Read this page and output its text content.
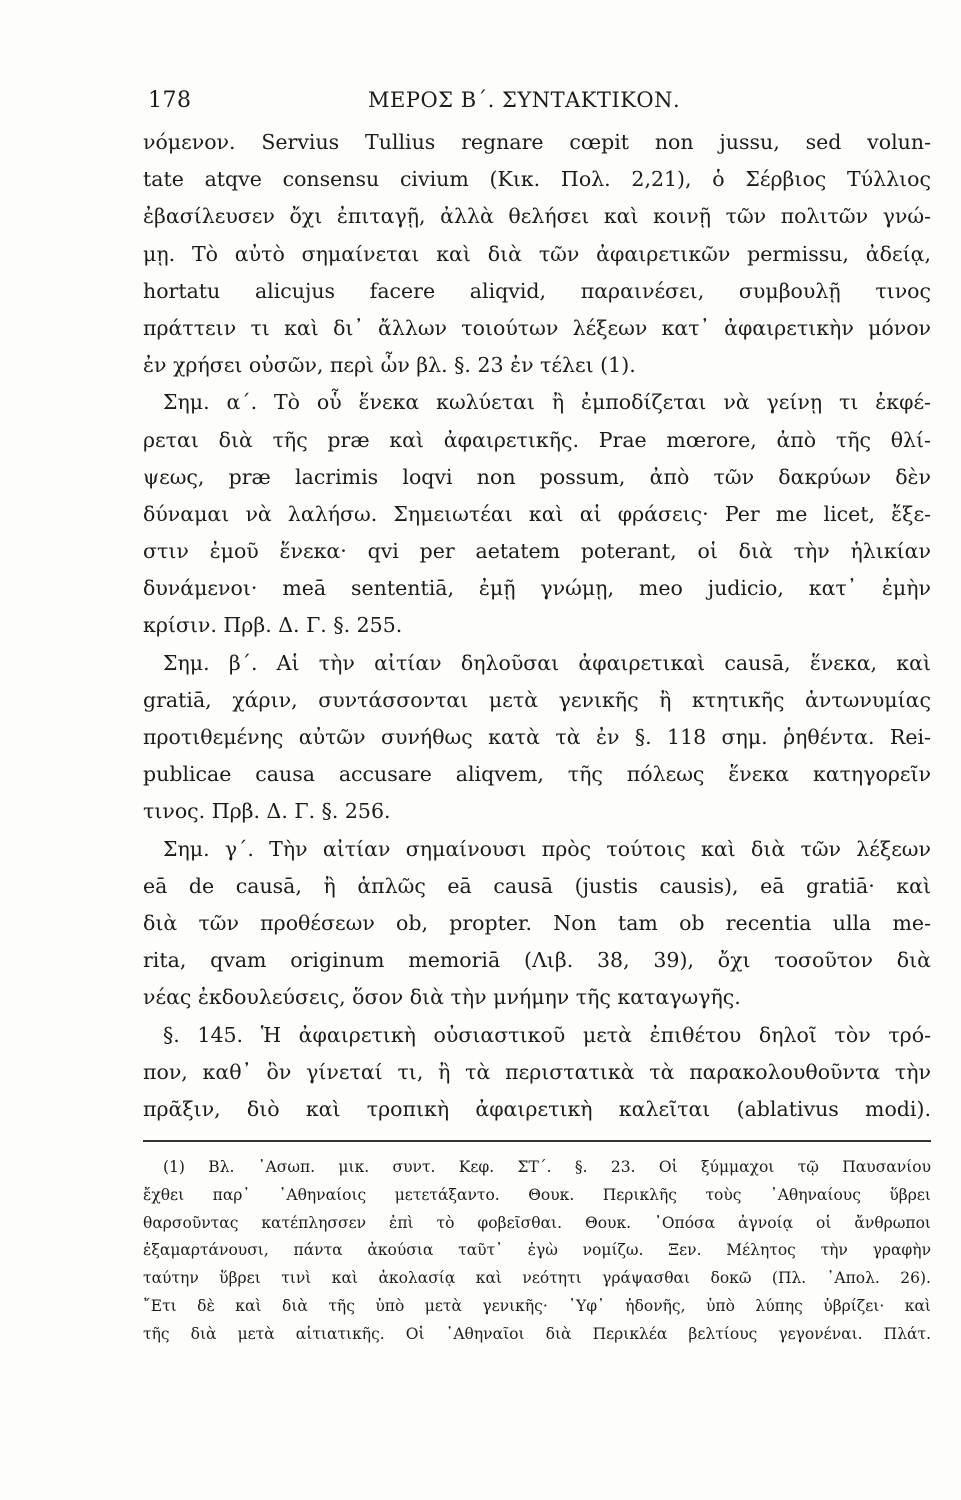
178	ΜΕΡΟΣ Β΄. ΣΥΝΤΑΚΤΙΚΟΝ.
νόμενον. Servius Tullius regnare cœpit non jussu, sed volun-
tate atqve consensu civium (Κικ. Πολ. 2,21), ὁ Σέρβιος Τύλλιος
ἐβασίλευσεν ὄχι ἐπιταγῇ, ἀλλὰ θελήσει καὶ κοινῇ τῶν πολιτῶν γνώ-
μῃ. Τὸ αὐτὸ σημαίνεται καὶ διὰ τῶν ἀφαιρετικῶν permissu, ἀδείᾳ,
hortatu alicujus facere aliqvid, παραινέσει, συμβουλῇ τινος
πράττειν τι καὶ δι᾽ ἄλλων τοιούτων λέξεων κατ᾽ ἀφαιρετικὴν μόνον
ἐν χρήσει οὐσῶν, περὶ ὧν βλ. §. 23 ἐν τέλει (1).
Σημ. α΄. Τὸ οὗ ἕνεκα κωλύεται ἢ ἐμποδίζεται νὰ γείνῃ τι ἐκφέ-
ρεται διὰ τῆς præ καὶ ἀφαιρετικῆς. Prae mœrore, ἀπὸ τῆς θλί-
ψεως, præ lacrimis loqvi non possum, ἀπὸ τῶν δακρύων δὲν
δύναμαι νὰ λαλήσω. Σημειωτέαι καὶ αἱ φράσεις· Per me licet, ἔξε-
στιν ἐμοῦ ἕνεκα· qvi per aetatem poterant, οἱ διὰ τὴν ἡλικίαν
δυνάμενοι· meā sententiā, ἐμῇ γνώμῃ, meo judicio, κατ᾽ ἐμὴν
κρίσιν. Πρβ. Δ. Γ. §. 255.
Σημ. β΄. Αἱ τὴν αἰτίαν δηλοῦσαι ἀφαιρετικαὶ causā, ἕνεκα, καὶ
gratiā, χάριν, συντάσσονται μετὰ γενικῆς ἢ κτητικῆς ἀντωνυμίας
προτιθεμένης αὐτῶν συνήθως κατὰ τὰ ἐν §. 118 σημ. ῥηθέντα. Rei-
publicae causa accusare aliqvem, τῆς πόλεως ἕνεκα κατηγορεῖν
τινος. Πρβ. Δ. Γ. §. 256.
Σημ. γ΄. Τὴν αἰτίαν σημαίνουσι πρὸς τούτοις καὶ διὰ τῶν λέξεων
eā de causā, ἢ ἁπλῶς eā causā (justis causis), eā gratiā· καὶ
διὰ τῶν προθέσεων ob, propter. Non tam ob recentia ulla me-
rita, qvam originum memoriā (Λιβ. 38, 39), ὄχι τοσοῦτον διὰ
νέας ἐκδουλεύσεις, ὅσον διὰ τὴν μνήμην τῆς καταγωγῆς.
§. 145. Ἡ ἀφαιρετικὴ οὐσιαστικοῦ μετὰ ἐπιθέτου δηλοῖ τὸν τρό-
πον, καθ᾽ ὃν γίνεταί τι, ἢ τὰ περιστατικὰ τὰ παρακολουθοῦντα τὴν
πρᾶξιν, διὸ καὶ τροπικὴ ἀφαιρετικὴ καλεῖται (ablativus modi).
(1) Βλ. ᾽Ασωπ. μικ. συντ. Κεφ. ΣΤ΄. §. 23. Οἱ ξύμμαχοι τῷ Παυσανίου
ἔχθει παρ᾽ ᾽Αθηναίοις μετετάξαντο. Θουκ. Περικλῆς τοὺς ᾽Αθηναίους ὕβρει
θαρσοῦντας κατέπλησσεν ἐπὶ τὸ φοβεῖσθαι. Θουκ. ᾽Οπόσα ἀγνοίᾳ οἱ ἄνθρωποι
ἐξαμαρτάνουσι, πάντα ἀκούσια ταῦτ᾽ ἐγὼ νομίζω. Ξεν. Μέλητος τὴν γραφὴν
ταύτην ὕβρει τινὶ καὶ ἀκολασίᾳ καὶ νεότητι γράψασθαι δοκῶ (Πλ. ᾽Απολ. 26).
῎Ετι δὲ καὶ διὰ τῆς ὑπὸ μετὰ γενικῆς· ῾Υφ᾽ ἡδονῆς, ὑπὸ λύπης ὑβρίζει· καὶ
τῆς διὰ μετὰ αἰτιατικῆς. Οἱ ᾽Αθηναῖοι διὰ Περικλέα βελτίους γεγονέναι. Πλάτ.
